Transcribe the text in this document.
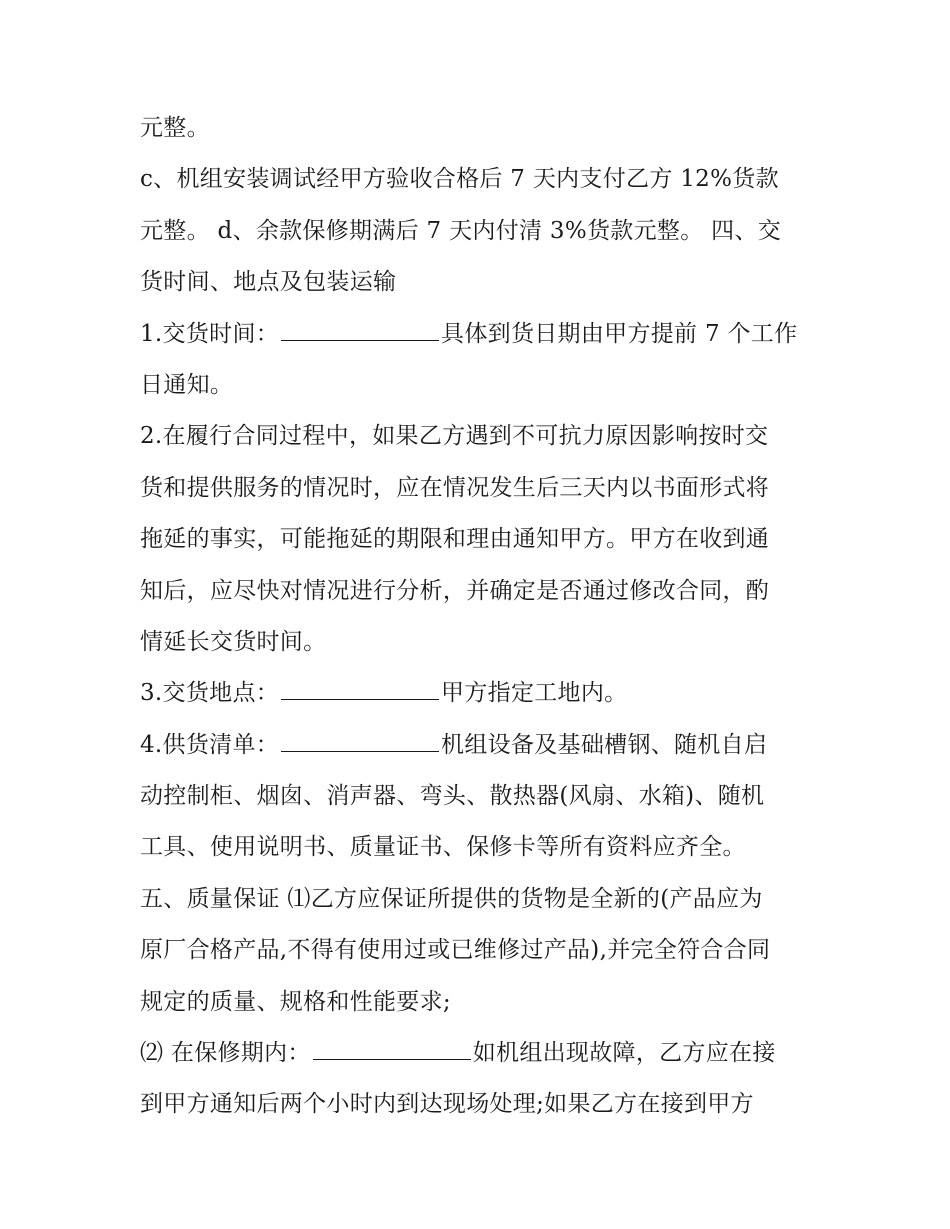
元整。
c、机组安装调试经甲方验收合格后 7 天内支付乙方 12%货款
元整。 d、余款保修期满后 7 天内付清 3%货款元整。 四、交
货时间、地点及包装运输
1.交货时间：	具体到货日期由甲方提前 7 个工作
日通知。
2.在履行合同过程中，如果乙方遇到不可抗力原因影响按时交
货和提供服务的情况时，应在情况发生后三天内以书面形式将
拖延的事实，可能拖延的期限和理由通知甲方。甲方在收到通
知后，应尽快对情况进行分析，并确定是否通过修改合同，酌
情延长交货时间。
3.交货地点：	甲方指定工地内。
4.供货清单：	机组设备及基础槽钢、随机自启
动控制柜、烟囱、消声器、弯头、散热器(风扇、水箱)、随机
工具、使用说明书、质量证书、保修卡等所有资料应齐全。
五、质量保证 ⑴乙方应保证所提供的货物是全新的(产品应为
原厂合格产品,不得有使用过或已维修过产品),并完全符合合同
规定的质量、规格和性能要求;
⑵ 在保修期内：	如机组出现故障，乙方应在接
到甲方通知后两个小时内到达现场处理;如果乙方在接到甲方
